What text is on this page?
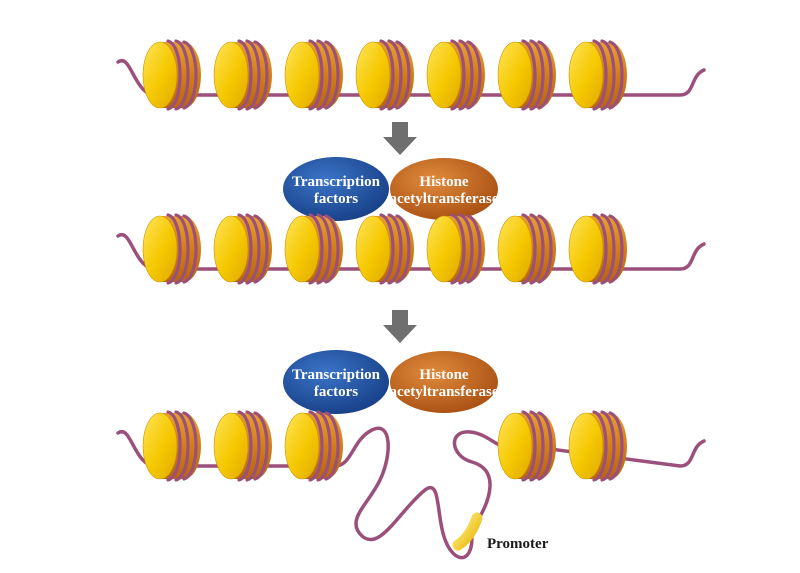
Histone
acetyltransferase
Transcription
factors
Histone
acetyltransferase
Transcription
factors
Promoter
